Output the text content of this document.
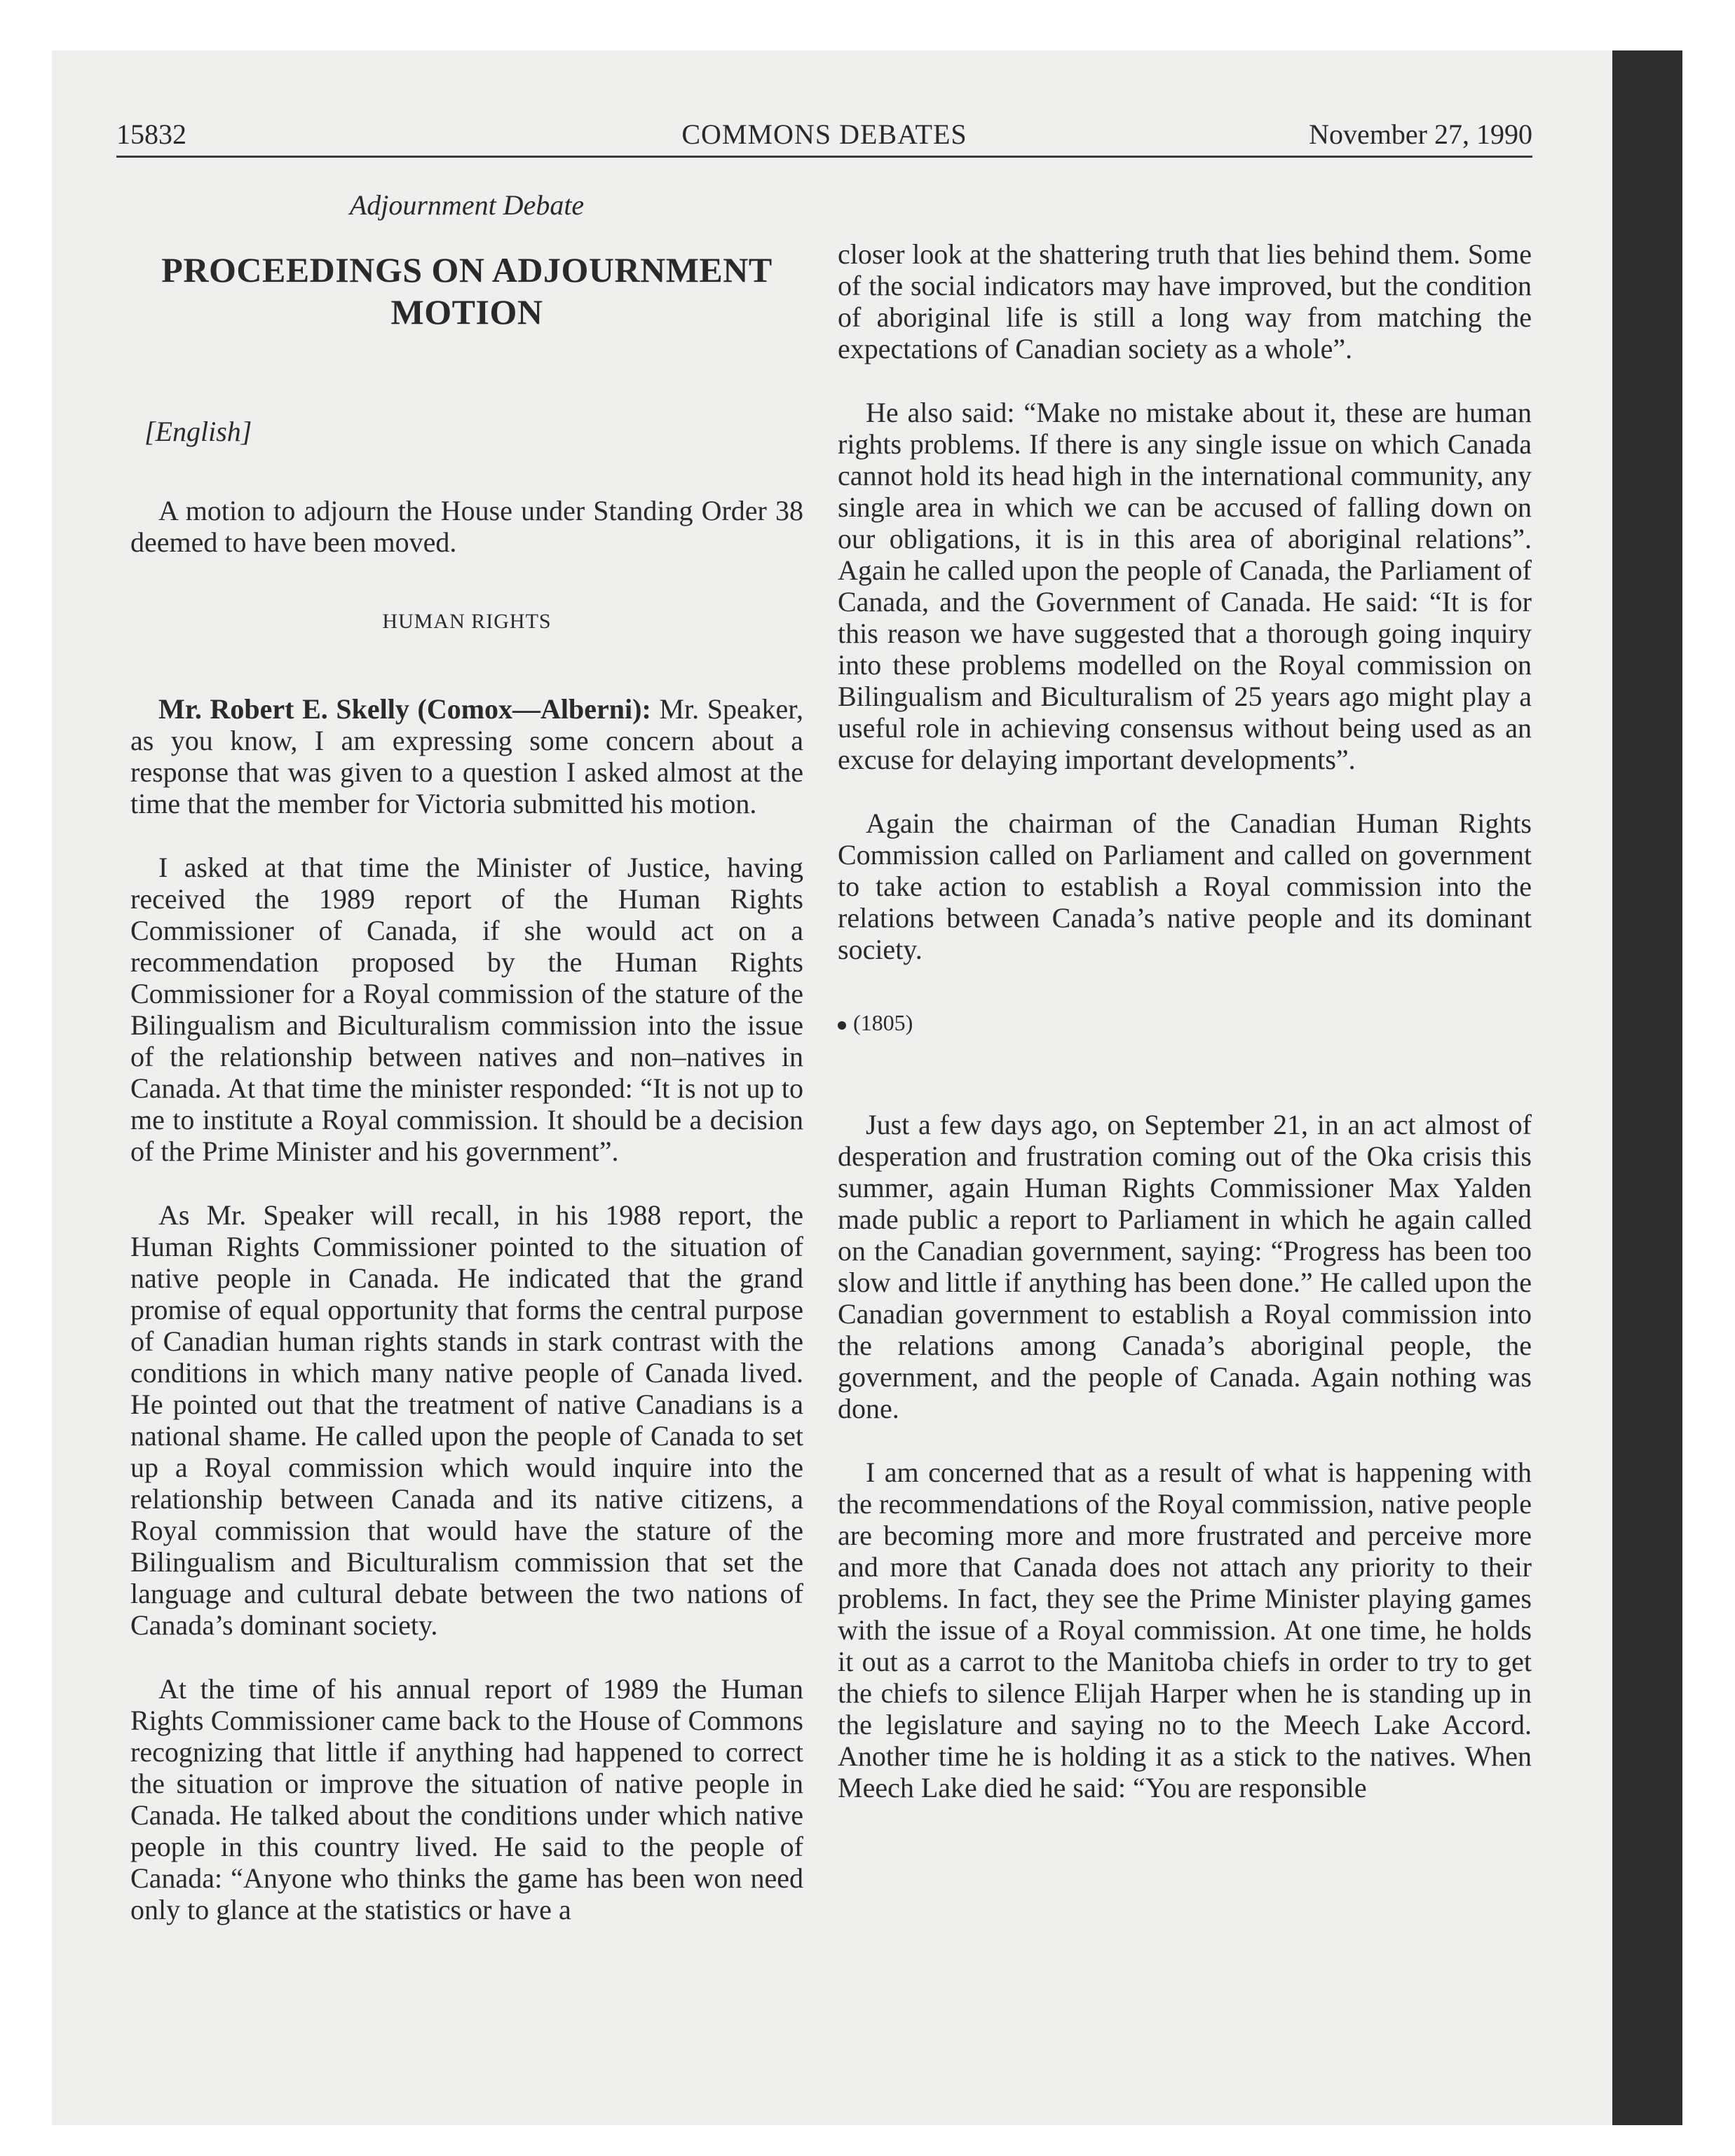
15832	COMMONS DEBATES	November 27, 1990
Adjournment Debate
PROCEEDINGS ON ADJOURNMENT MOTION
[English]

A motion to adjourn the House under Standing Order 38 deemed to have been moved.

HUMAN RIGHTS

Mr. Robert E. Skelly (Comox—Alberni): Mr. Speaker, as you know, I am expressing some concern about a response that was given to a question I asked almost at the time that the member for Victoria submitted his motion.

I asked at that time the Minister of Justice, having received the 1989 report of the Human Rights Commissioner of Canada, if she would act on a recommendation proposed by the Human Rights Commissioner for a Royal commission of the stature of the Bilingualism and Biculturalism commission into the issue of the relationship between natives and non–natives in Canada. At that time the minister responded: “It is not up to me to institute a Royal commission. It should be a decision of the Prime Minister and his government”.

As Mr. Speaker will recall, in his 1988 report, the Human Rights Commissioner pointed to the situation of native people in Canada. He indicated that the grand promise of equal opportunity that forms the central purpose of Canadian human rights stands in stark contrast with the conditions in which many native people of Canada lived. He pointed out that the treatment of native Canadians is a national shame. He called upon the people of Canada to set up a Royal commission which would inquire into the relationship between Canada and its native citizens, a Royal commission that would have the stature of the Bilingualism and Biculturalism commission that set the language and cultural debate between the two nations of Canada’s dominant society.

At the time of his annual report of 1989 the Human Rights Commissioner came back to the House of Commons recognizing that little if anything had happened to correct the situation or improve the situation of native people in Canada. He talked about the conditions under which native people in this country lived. He said to the people of Canada: “Anyone who thinks the game has been won need only to glance at the statistics or have a

closer look at the shattering truth that lies behind them. Some of the social indicators may have improved, but the condition of aboriginal life is still a long way from matching the expectations of Canadian society as a whole”.

He also said: “Make no mistake about it, these are human rights problems. If there is any single issue on which Canada cannot hold its head high in the international community, any single area in which we can be accused of falling down on our obligations, it is in this area of aboriginal relations”. Again he called upon the people of Canada, the Parliament of Canada, and the Government of Canada. He said: “It is for this reason we have suggested that a thorough going inquiry into these problems modelled on the Royal commission on Bilingualism and Biculturalism of 25 years ago might play a useful role in achieving consensus without being used as an excuse for delaying important developments”.

Again the chairman of the Canadian Human Rights Commission called on Parliament and called on government to take action to establish a Royal commission into the relations between Canada’s native people and its dominant society.

(1805)

Just a few days ago, on September 21, in an act almost of desperation and frustration coming out of the Oka crisis this summer, again Human Rights Commissioner Max Yalden made public a report to Parliament in which he again called on the Canadian government, saying: “Progress has been too slow and little if anything has been done.” He called upon the Canadian government to establish a Royal commission into the relations among Canada’s aboriginal people, the government, and the people of Canada. Again nothing was done.

I am concerned that as a result of what is happening with the recommendations of the Royal commission, native people are becoming more and more frustrated and perceive more and more that Canada does not attach any priority to their problems. In fact, they see the Prime Minister playing games with the issue of a Royal commission. At one time, he holds it out as a carrot to the Manitoba chiefs in order to try to get the chiefs to silence Elijah Harper when he is standing up in the legislature and saying no to the Meech Lake Accord. Another time he is holding it as a stick to the natives. When Meech Lake died he said: “You are responsible
